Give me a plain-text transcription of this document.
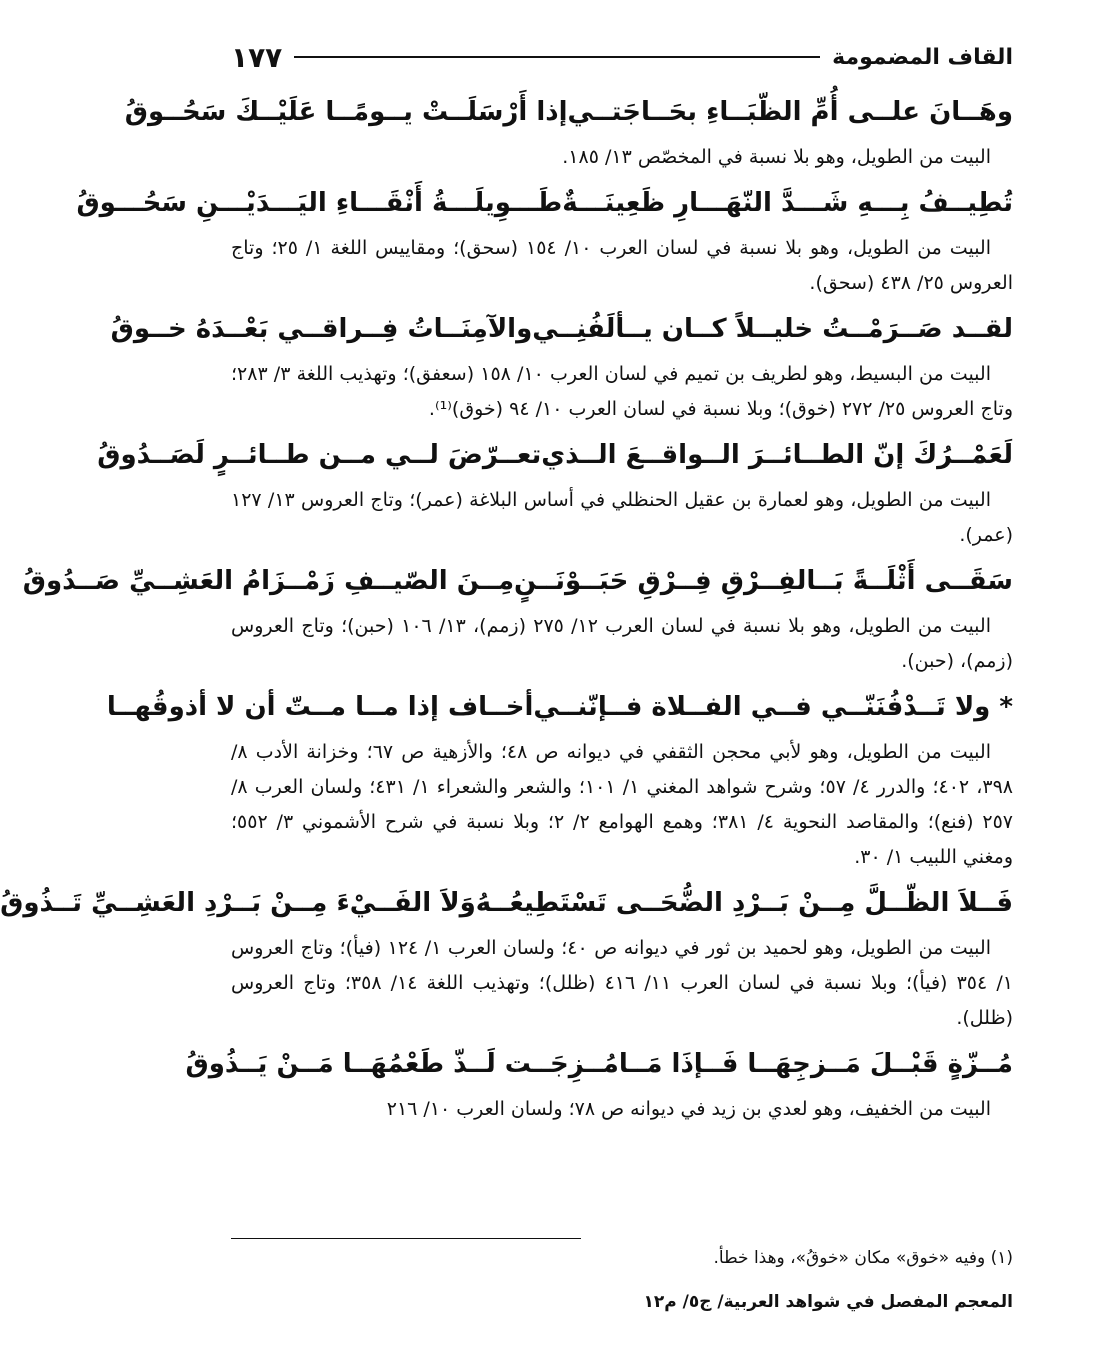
القاف المضمومة
١٧٧
وهَــانَ علــى أُمِّ الظّبَــاءِ بحَــاجَتــي
إذا أَرْسَلَــتْ يــومًــا عَلَيْــكَ سَحُــوقُ

البيت من الطويل، وهو بلا نسبة في المخصّص ١٣/ ١٨٥.

تُطِيــفُ بِـــهِ شَـــدَّ النّهَـــارِ ظَعِينَـــةٌ
طَـــوِيلَـــةُ أَنْقَـــاءِ اليَـــدَيْـــنِ سَحُـــوقُ

البيت من الطويل، وهو بلا نسبة في لسان العرب ١٠/ ١٥٤ (سحق)؛ ومقاييس اللغة ١/ ٢٥؛ وتاج العروس ٢٥/ ٤٣٨ (سحق).

لقــد صَــرَمْــتُ خليــلاً كــان يــألَفُنِــي
والآمِنَــاتُ فِــراقــي بَعْــدَهُ خــوقُ

البيت من البسيط، وهو لطريف بن تميم في لسان العرب ١٠/ ١٥٨ (سعفق)؛ وتهذيب اللغة ٣/ ٢٨٣؛ وتاج العروس ٢٥/ ٢٧٢ (خوق)؛ وبلا نسبة في لسان العرب ١٠/ ٩٤ (خوق)⁽¹⁾.

لَعَمْــرُكَ إنّ الطــائــرَ الــواقــعَ الــذي
تعــرّضَ لــي مــن طــائــرٍ لَصَــدُوقُ

البيت من الطويل، وهو لعمارة بن عقيل الحنظلي في أساس البلاغة (عمر)؛ وتاج العروس ١٣/ ١٢٧ (عمر).

سَقَــى أَثْلَــةً بَــالفِــرْقِ فِــرْقِ حَبَــوْنَــنٍ
مِــنَ الصّيــفِ زَمْــزَامُ العَشِــيِّ صَــدُوقُ

البيت من الطويل، وهو بلا نسبة في لسان العرب ١٢/ ٢٧٥ (زمم)، ١٣/ ١٠٦ (حبن)؛ وتاج العروس (زمم)، (حبن).

* ولا تَــدْفُنَنّــي فــي الفــلاة فــإنّنــي
أخــاف إذا مــا مــتّ أن لا أذوقُهــا

البيت من الطويل، وهو لأبي محجن الثقفي في ديوانه ص ٤٨؛ والأزهية ص ٦٧؛ وخزانة الأدب ٨/ ٣٩٨، ٤٠٢؛ والدرر ٤/ ٥٧؛ وشرح شواهد المغني ١/ ١٠١؛ والشعر والشعراء ١/ ٤٣١؛ ولسان العرب ٨/ ٢٥٧ (فنع)؛ والمقاصد النحوية ٤/ ٣٨١؛ وهمع الهوامع ٢/ ٢؛ وبلا نسبة في شرح الأشموني ٣/ ٥٥٢؛ ومغني اللبيب ١/ ٣٠.

فَــلاَ الظّــلَّ مِــنْ بَــرْدِ الضُّحَــى تَسْتَطِيعُــهُ
وَلاَ الفَــيْءَ مِــنْ بَــرْدِ العَشِــيِّ تَــذُوقُ

البيت من الطويل، وهو لحميد بن ثور في ديوانه ص ٤٠؛ ولسان العرب ١/ ١٢٤ (فيأ)؛ وتاج العروس ١/ ٣٥٤ (فيأ)؛ وبلا نسبة في لسان العرب ١١/ ٤١٦ (ظلل)؛ وتهذيب اللغة ١٤/ ٣٥٨؛ وتاج العروس (ظلل).

مُــزّةٍ قَبْــلَ مَــزجِهَــا فَــإذَا مَــا
مُــزِجَــت لَــذّ طَعْمُهَــا مَــنْ يَــذُوقُ

البيت من الخفيف، وهو لعدي بن زيد في ديوانه ص ٧٨؛ ولسان العرب ١٠/ ٢١٦

(١) وفيه «خوق» مكان «خوقُ»، وهذا خطأ.
المعجم المفصل في شواهد العربية/ ج٥/ م١٢
